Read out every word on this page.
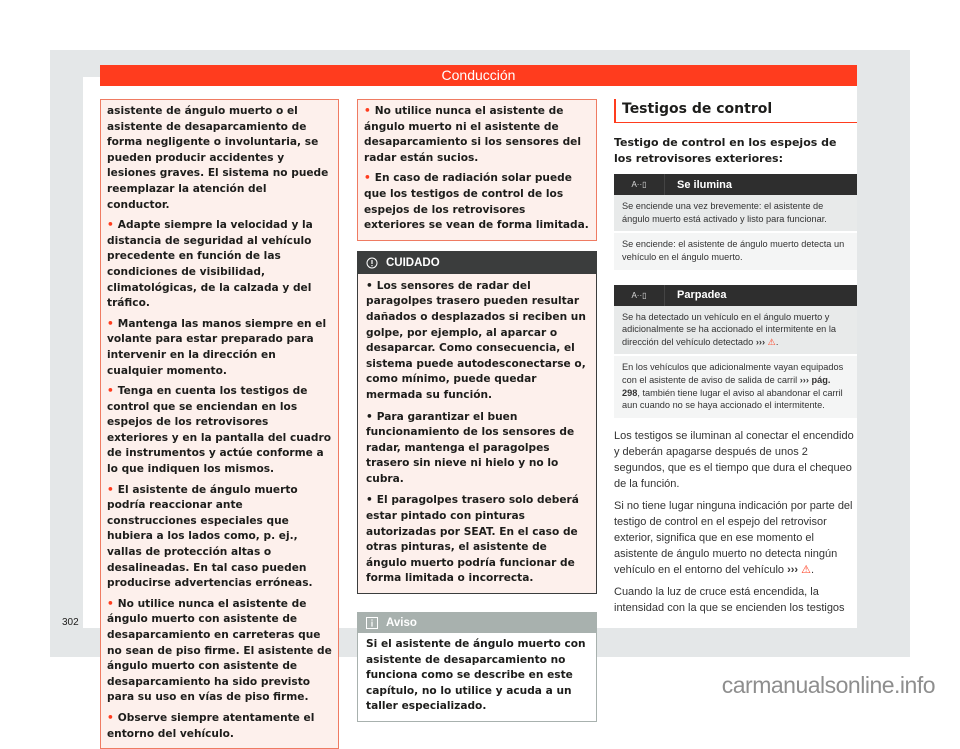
Conducción

asistente de ángulo muerto o el asistente de desaparcamiento de forma negligente o involuntaria, se pueden producir accidentes y lesiones graves. El sistema no puede reemplazar la atención del conductor.

• Adapte siempre la velocidad y la distancia de seguridad al vehículo precedente en función de las condiciones de visibilidad, climatológicas, de la calzada y del tráfico.

• Mantenga las manos siempre en el volante para estar preparado para intervenir en la dirección en cualquier momento.

• Tenga en cuenta los testigos de control que se enciendan en los espejos de los retrovisores exteriores y en la pantalla del cuadro de instrumentos y actúe conforme a lo que indiquen los mismos.

• El asistente de ángulo muerto podría reaccionar ante construcciones especiales que hubiera a los lados como, p. ej., vallas de protección altas o desalineadas. En tal caso pueden producirse advertencias erróneas.

• No utilice nunca el asistente de ángulo muerto con asistente de desaparcamiento en carreteras que no sean de piso firme. El asistente de ángulo muerto con asistente de desaparcamiento ha sido previsto para su uso en vías de piso firme.

• Observe siempre atentamente el entorno del vehículo.

• No utilice nunca el asistente de ángulo muerto ni el asistente de desaparcamiento si los sensores del radar están sucios.

• En caso de radiación solar puede que los testigos de control de los espejos de los retrovisores exteriores se vean de forma limitada.

CUIDADO

• Los sensores de radar del paragolpes trasero pueden resultar dañados o desplazados si reciben un golpe, por ejemplo, al aparcar o desaparcar. Como consecuencia, el sistema puede autodesconectarse o, como mínimo, puede quedar mermada su función.

• Para garantizar el buen funcionamiento de los sensores de radar, mantenga el paragolpes trasero sin nieve ni hielo y no lo cubra.

• El paragolpes trasero solo deberá estar pintado con pinturas autorizadas por SEAT. En el caso de otras pinturas, el asistente de ángulo muerto podría funcionar de forma limitada o incorrecta.

Aviso
Si el asistente de ángulo muerto con asistente de desaparcamiento no funciona como se describe en este capítulo, no lo utilice y acuda a un taller especializado.
Testigos de control
Testigo de control en los espejos de los retrovisores exteriores:
A··▯	Se ilumina
Se enciende una vez brevemente: el asistente de ángulo muerto está activado y listo para funcionar.
Se enciende: el asistente de ángulo muerto detecta un vehículo en el ángulo muerto.
A··▯	Parpadea
Se ha detectado un vehículo en el ángulo muerto y adicionalmente se ha accionado el intermitente en la dirección del vehículo detectado ››› ⚠.
En los vehículos que adicionalmente vayan equipados con el asistente de aviso de salida de carril ››› pág. 298, también tiene lugar el aviso al abandonar el carril aun cuando no se haya accionado el intermitente.

Los testigos se iluminan al conectar el encendido y deberán apagarse después de unos 2 segundos, que es el tiempo que dura el chequeo de la función.

Si no tiene lugar ninguna indicación por parte del testigo de control en el espejo del retrovisor exterior, significa que en ese momento el asistente de ángulo muerto no detecta ningún vehículo en el entorno del vehículo ››› ⚠.

Cuando la luz de cruce está encendida, la intensidad con la que se encienden los testigos

302
carmanualsonline.info
